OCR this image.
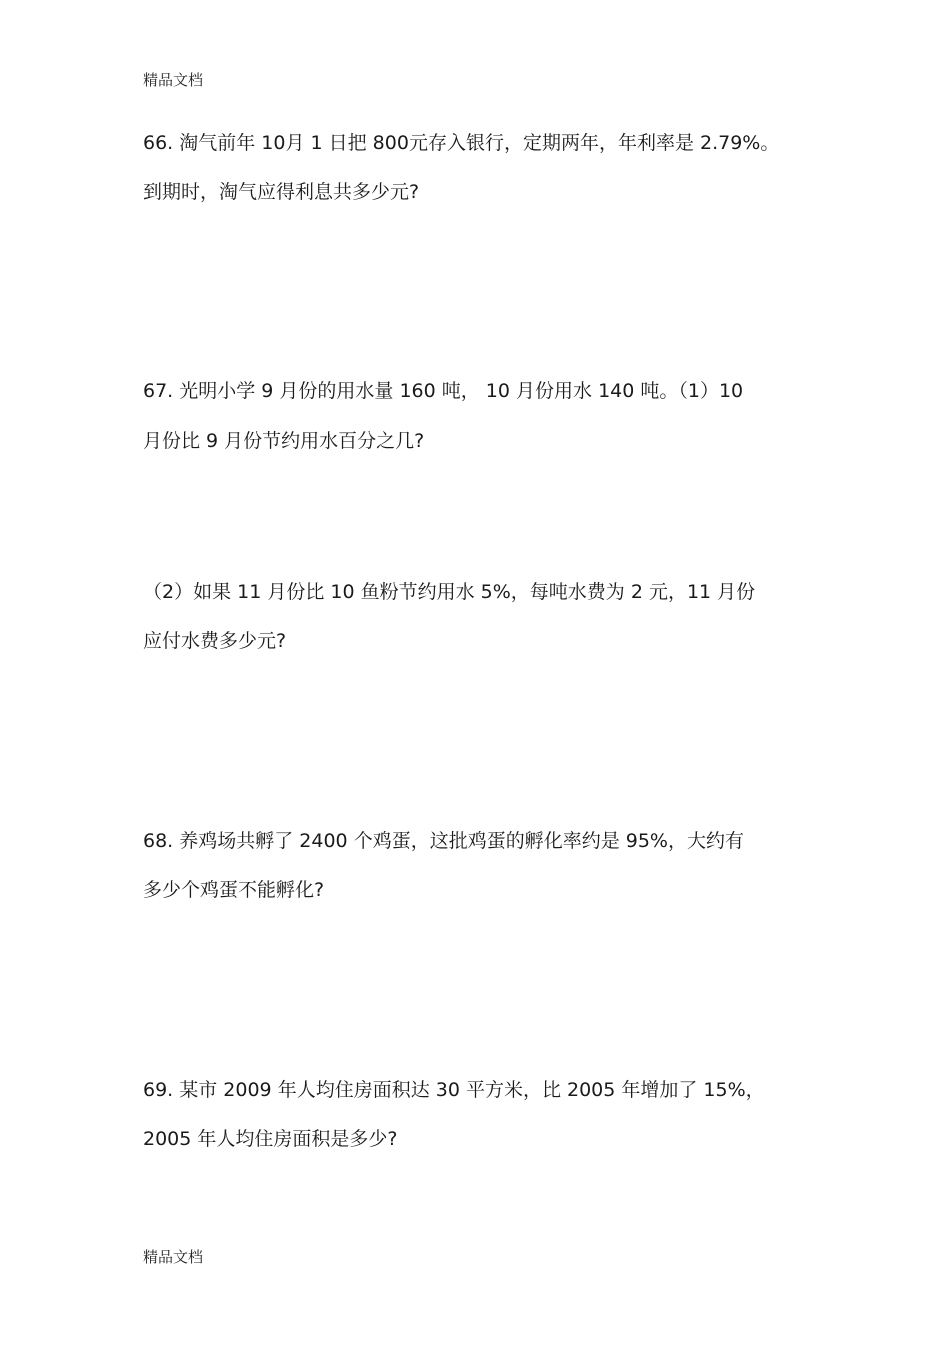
精品文档
66. 淘气前年 10月 1 日把 800元存入银行，定期两年，年利率是 2.79%。
到期时，淘气应得利息共多少元?
67. 光明小学 9 月份的用水量 160 吨， 10 月份用水 140 吨。（1）10
月份比 9 月份节约用水百分之几?
（2）如果 11 月份比 10 鱼粉节约用水 5%，每吨水费为 2 元，11 月份
应付水费多少元?
68. 养鸡场共孵了 2400 个鸡蛋，这批鸡蛋的孵化率约是 95%，大约有
多少个鸡蛋不能孵化?
69. 某市 2009 年人均住房面积达 30 平方米，比 2005 年增加了 15%，
2005 年人均住房面积是多少?
精品文档
